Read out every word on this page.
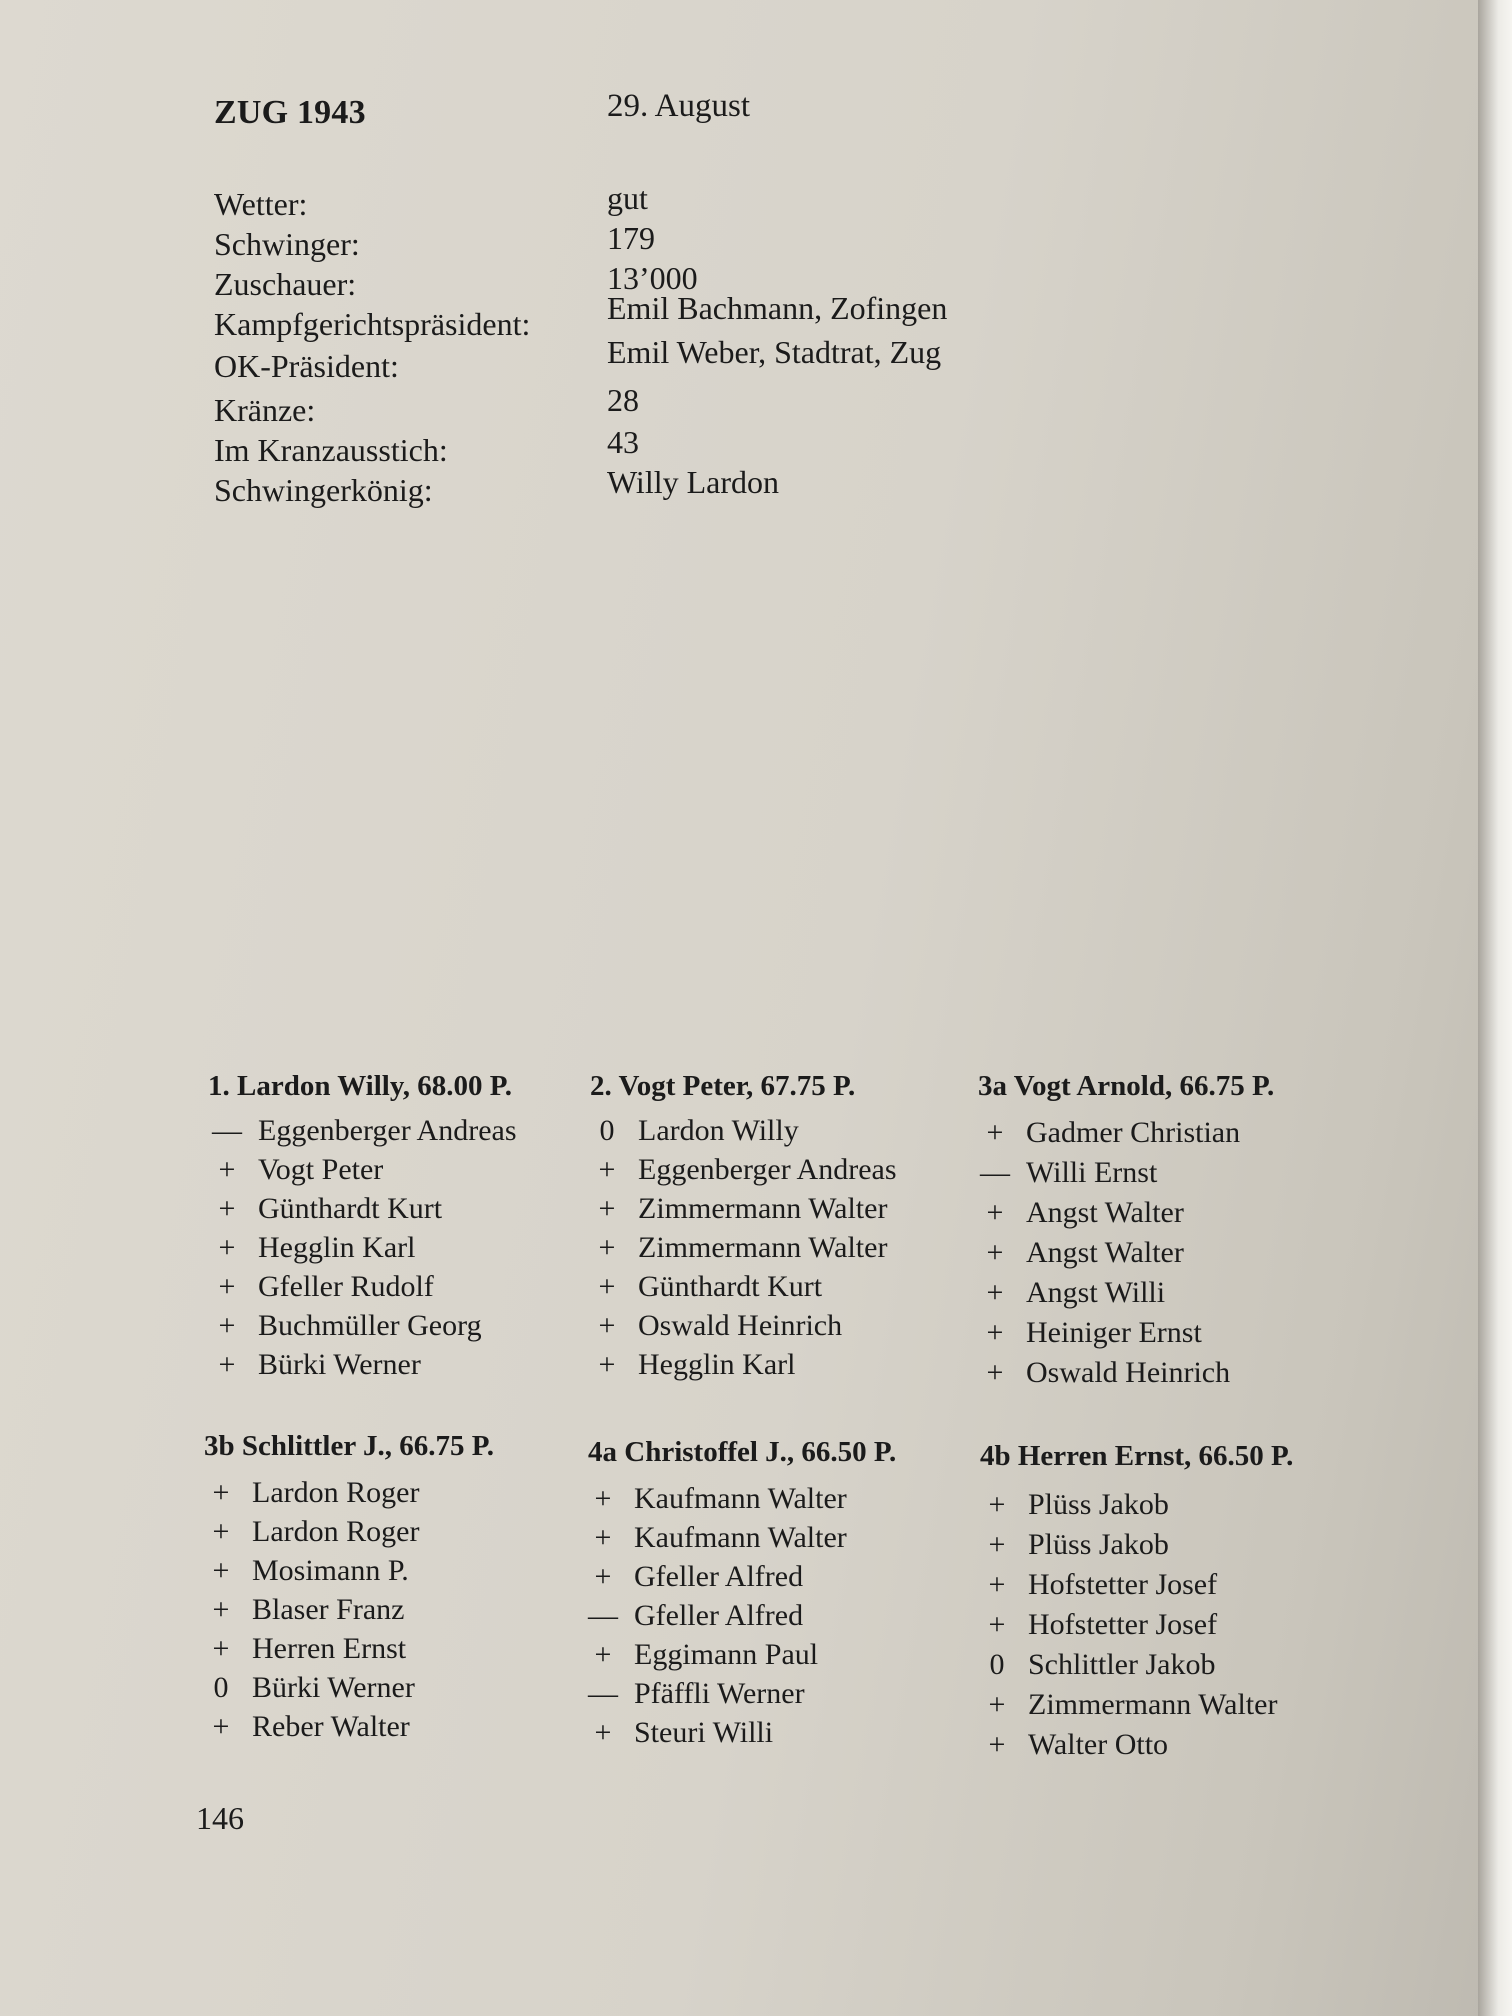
ZUG 1943	29. August
Wetter:	gut
Schwinger:	179
Zuschauer:	13’000
Kampfgerichtspräsident: Emil Bachmann, Zofingen
OK-Präsident:	Emil Weber, Stadtrat, Zug
Kränze:	28
Im Kranzausstich:	43
Schwingerkönig:	Willy Lardon
1. Lardon Willy, 68.00 P.
— Eggenberger Andreas
+ Vogt Peter
+ Günthardt Kurt
+ Hegglin Karl
+ Gfeller Rudolf
+ Buchmüller Georg
+ Bürki Werner
2. Vogt Peter, 67.75 P.
0 Lardon Willy
+ Eggenberger Andreas
+ Zimmermann Walter
+ Zimmermann Walter
+ Günthardt Kurt
+ Oswald Heinrich
+ Hegglin Karl
3a Vogt Arnold, 66.75 P.
+ Gadmer Christian
— Willi Ernst
+ Angst Walter
+ Angst Walter
+ Angst Willi
+ Heiniger Ernst
+ Oswald Heinrich
3b Schlittler J., 66.75 P.
+ Lardon Roger
+ Lardon Roger
+ Mosimann P.
+ Blaser Franz
+ Herren Ernst
0 Bürki Werner
+ Reber Walter
4a Christoffel J., 66.50 P.
+ Kaufmann Walter
+ Kaufmann Walter
+ Gfeller Alfred
— Gfeller Alfred
+ Eggimann Paul
— Pfäffli Werner
+ Steuri Willi
4b Herren Ernst, 66.50 P.
+ Plüss Jakob
+ Plüss Jakob
+ Hofstetter Josef
+ Hofstetter Josef
0 Schlittler Jakob
+ Zimmermann Walter
+ Walter Otto
146
